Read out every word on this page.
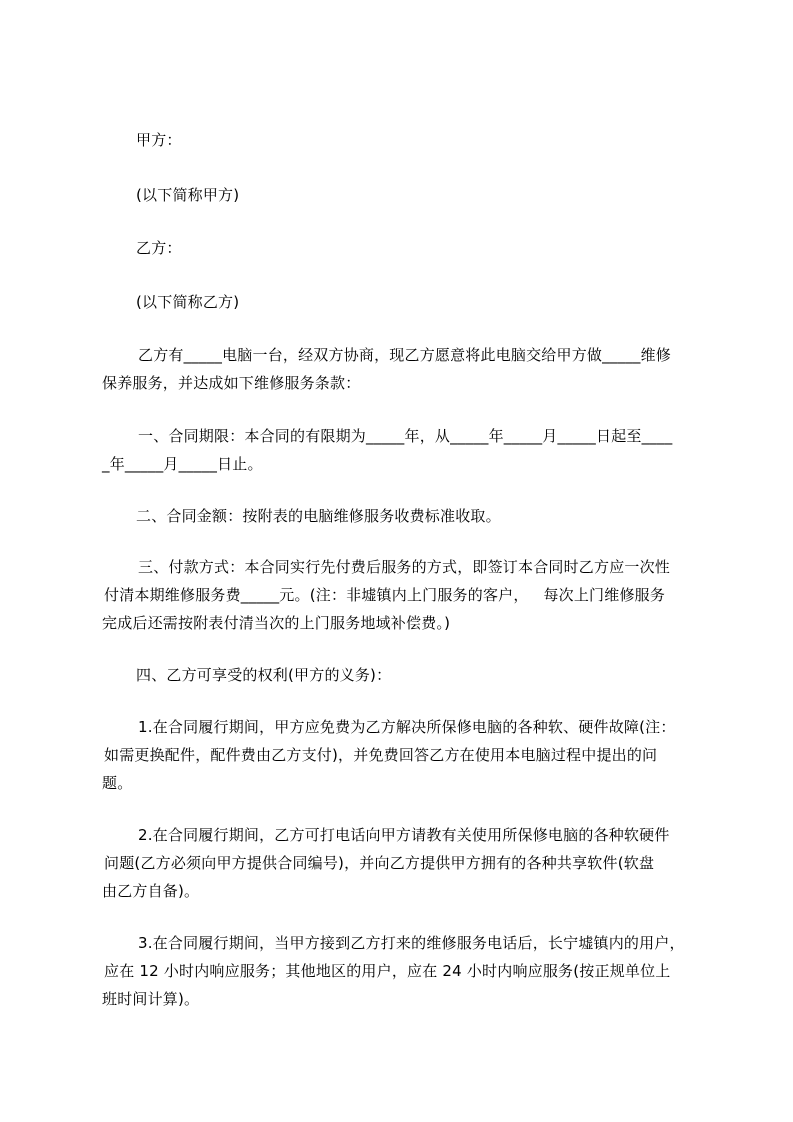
甲方：
(以下简称甲方)
乙方：
(以下简称乙方)
乙方有_____电脑一台，经双方协商，现乙方愿意将此电脑交给甲方做_____维修
保养服务，并达成如下维修服务条款：
一、合同期限：本合同的有限期为_____年，从_____年_____月_____日起至____
_年_____月_____日止。
二、合同金额：按附表的电脑维修服务收费标准收取。
三、付款方式：本合同实行先付费后服务的方式，即签订本合同时乙方应一次性
付清本期维修服务费_____元。(注：非墟镇内上门服务的客户，   每次上门维修服务
完成后还需按附表付清当次的上门服务地域补偿费。)
四、乙方可享受的权利(甲方的义务)：
1.在合同履行期间，甲方应免费为乙方解决所保修电脑的各种软、硬件故障(注：
如需更换配件，配件费由乙方支付)，并免费回答乙方在使用本电脑过程中提出的问
题。
2.在合同履行期间，乙方可打电话向甲方请教有关使用所保修电脑的各种软硬件
问题(乙方必须向甲方提供合同编号)，并向乙方提供甲方拥有的各种共享软件(软盘
由乙方自备)。
3.在合同履行期间，当甲方接到乙方打来的维修服务电话后，长宁墟镇内的用户，
应在 12 小时内响应服务；其他地区的用户，应在 24 小时内响应服务(按正规单位上
班时间计算)。
